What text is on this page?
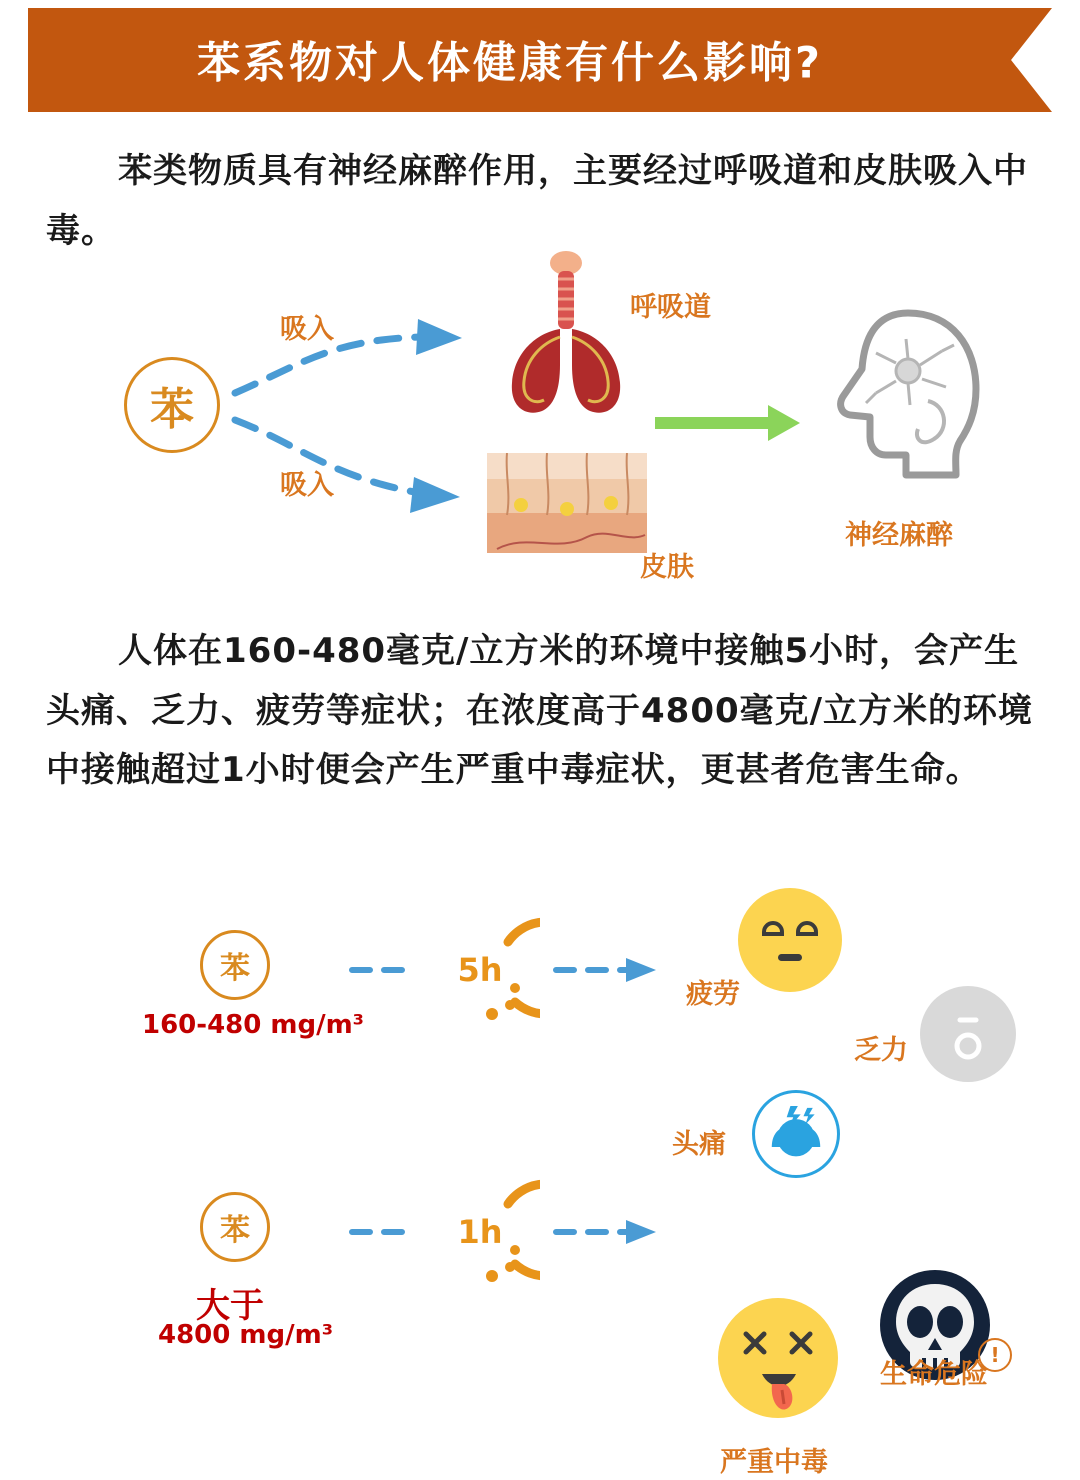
苯系物对人体健康有什么影响?
苯类物质具有神经麻醉作用，主要经过呼吸道和皮肤吸入中毒。
苯
吸入
吸入
呼吸道
皮肤
神经麻醉
人体在160-480毫克/立方米的环境中接触5小时，会产生头痛、乏力、疲劳等症状；在浓度高于4800毫克/立方米的环境中接触超过1小时便会产生严重中毒症状，更甚者危害生命。
苯
160-480 mg/m³
5h
疲劳
乏力
头痛
苯
大于
4800 mg/m³
1h
严重中毒
!
生命危险
